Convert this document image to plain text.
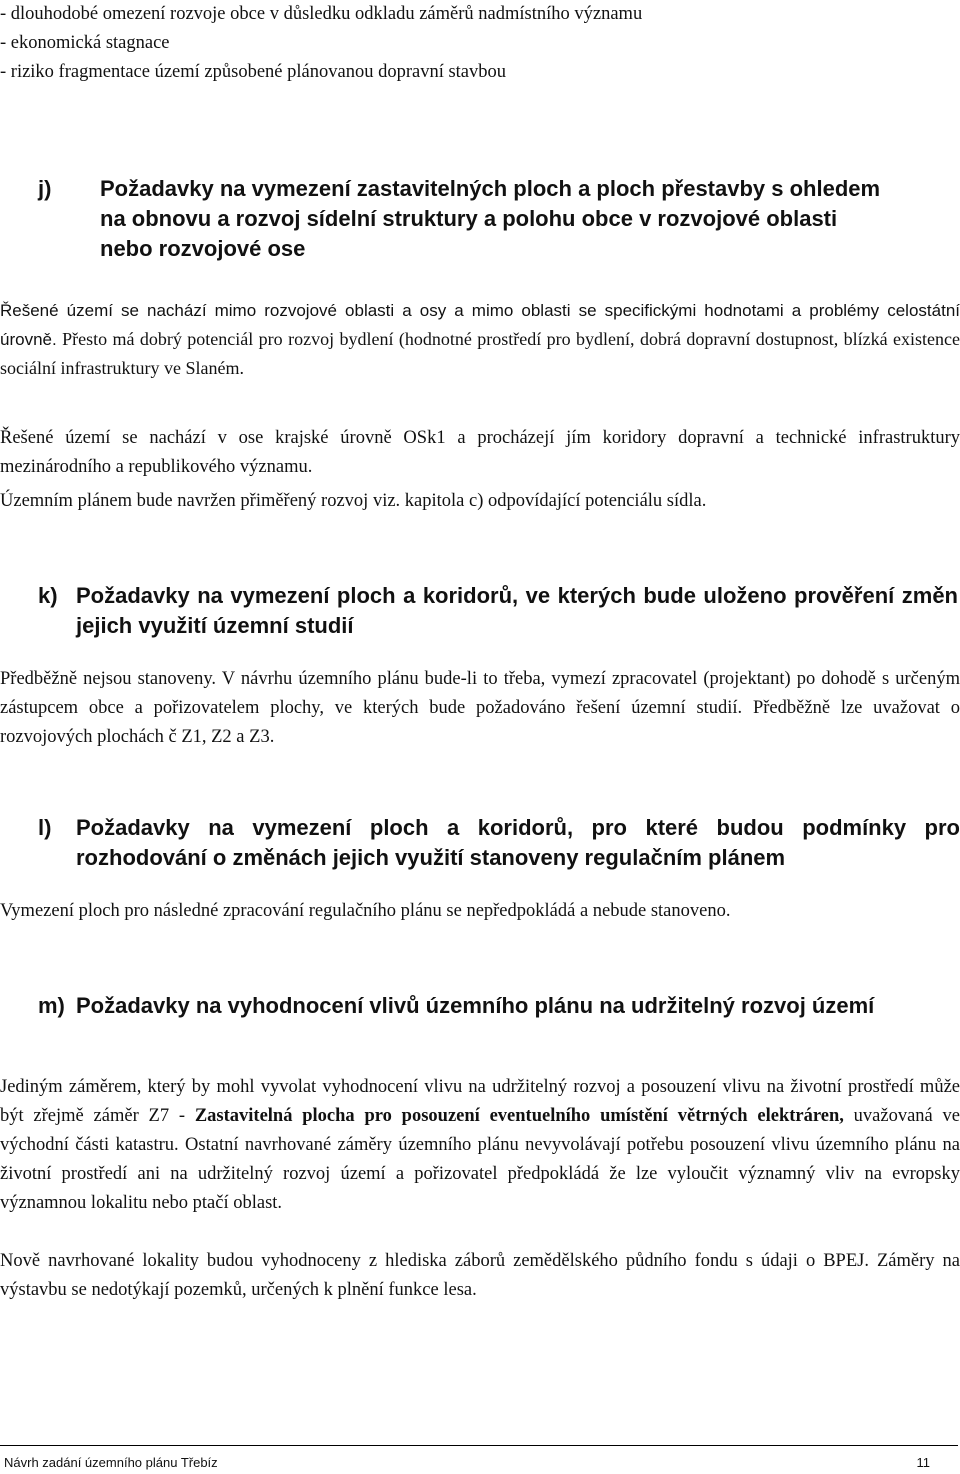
- dlouhodobé omezení rozvoje obce v důsledku odkladu záměrů nadmístního významu

- ekonomická stagnace

- riziko fragmentace území způsobené plánovanou dopravní stavbou

j)	Požadavky na vymezení zastavitelných ploch a ploch přestavby s ohledem na obnovu a rozvoj sídelní struktury a polohu obce v rozvojové oblasti nebo rozvojové ose

Řešené území se nachází mimo rozvojové oblasti a osy a mimo oblasti se specifickými hodnotami a problémy celostátní úrovně. Přesto má dobrý potenciál pro rozvoj bydlení (hodnotné prostředí pro bydlení, dobrá dopravní dostupnost, blízká existence sociální infrastruktury ve Slaném.

Řešené území se nachází v ose krajské úrovně OSk1 a procházejí jím koridory dopravní a technické infrastruktury mezinárodního a republikového významu.

Územním plánem bude navržen přiměřený rozvoj viz. kapitola c) odpovídající potenciálu sídla.

k) Požadavky na vymezení ploch a koridorů, ve kterých bude uloženo prověření změn jejich využití územní studií

Předběžně nejsou stanoveny. V návrhu územního plánu bude-li to třeba, vymezí zpracovatel (projektant) po dohodě s určeným zástupcem obce a pořizovatelem plochy, ve kterých bude požadováno řešení územní studií. Předběžně lze uvažovat o rozvojových plochách č Z1, Z2 a Z3.

l)	Požadavky na vymezení ploch a koridorů, pro které budou podmínky pro rozhodování o změnách jejich využití stanoveny regulačním plánem

Vymezení ploch pro následné zpracování regulačního plánu se nepředpokládá a nebude stanoveno.

m) Požadavky na vyhodnocení vlivů územního plánu na udržitelný rozvoj území

Jediným záměrem, který by mohl vyvolat vyhodnocení vlivu na udržitelný rozvoj a posouzení vlivu na životní prostředí může být zřejmě záměr Z7 - Zastavitelná plocha pro posouzení eventuelního umístění větrných elektráren, uvažovaná ve východní části katastru. Ostatní navrhované záměry územního plánu nevyvolávají potřebu posouzení vlivu územního plánu na životní prostředí ani na udržitelný rozvoj území a pořizovatel předpokládá že lze vyloučit významný vliv na evropsky významnou lokalitu nebo ptačí oblast.

Nově navrhované lokality budou vyhodnoceny z hlediska záborů zemědělského půdního fondu s údaji o BPEJ. Záměry na výstavbu se nedotýkají pozemků, určených k plnění funkce lesa.

Návrh zadání územního plánu Třebíz	11
